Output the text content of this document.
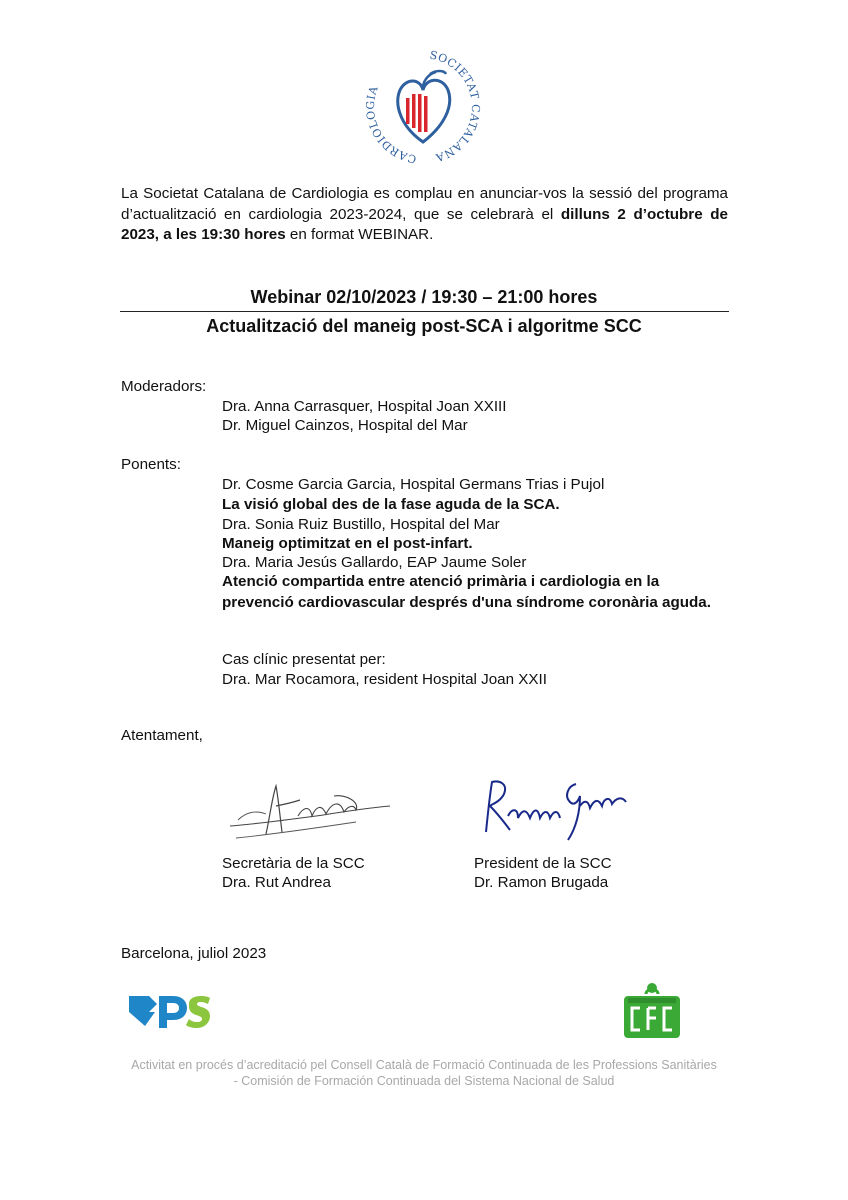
CARDIOLOGIA
SOCIETAT CATALANA
La Societat Catalana de Cardiologia es complau en anunciar-vos la sessió del programa d’actualització en cardiologia 2023-2024, que se celebrarà el dilluns 2 d’octubre de 2023, a les 19:30 hores en format WEBINAR.
Webinar 02/10/2023 / 19:30 – 21:00 hores
Actualització del maneig post-SCA i algoritme SCC
Moderadors:
Dra. Anna Carrasquer, Hospital Joan XXIII
Dr. Miguel Cainzos, Hospital del Mar
Ponents:
Dr. Cosme Garcia Garcia, Hospital Germans Trias i Pujol
La visió global des de la fase aguda de la SCA.
Dra. Sonia Ruiz Bustillo, Hospital del Mar
Maneig optimitzat en el post-infart.
Dra. Maria Jesús Gallardo, EAP Jaume Soler
Atenció compartida entre atenció primària i cardiologia en la prevenció cardiovascular després d'una síndrome coronària aguda.
Cas clínic presentat per:
Dra. Mar Rocamora, resident Hospital Joan XXII
Atentament,
Secretària de la SCC
Dra. Rut Andrea
President de la SCC
Dr. Ramon Brugada
Barcelona, juliol 2023
Activitat en procés d’acreditació pel Consell Català de Formació Continuada de les Professions Sanitàries
- Comisión de Formación Continuada del Sistema Nacional de Salud
